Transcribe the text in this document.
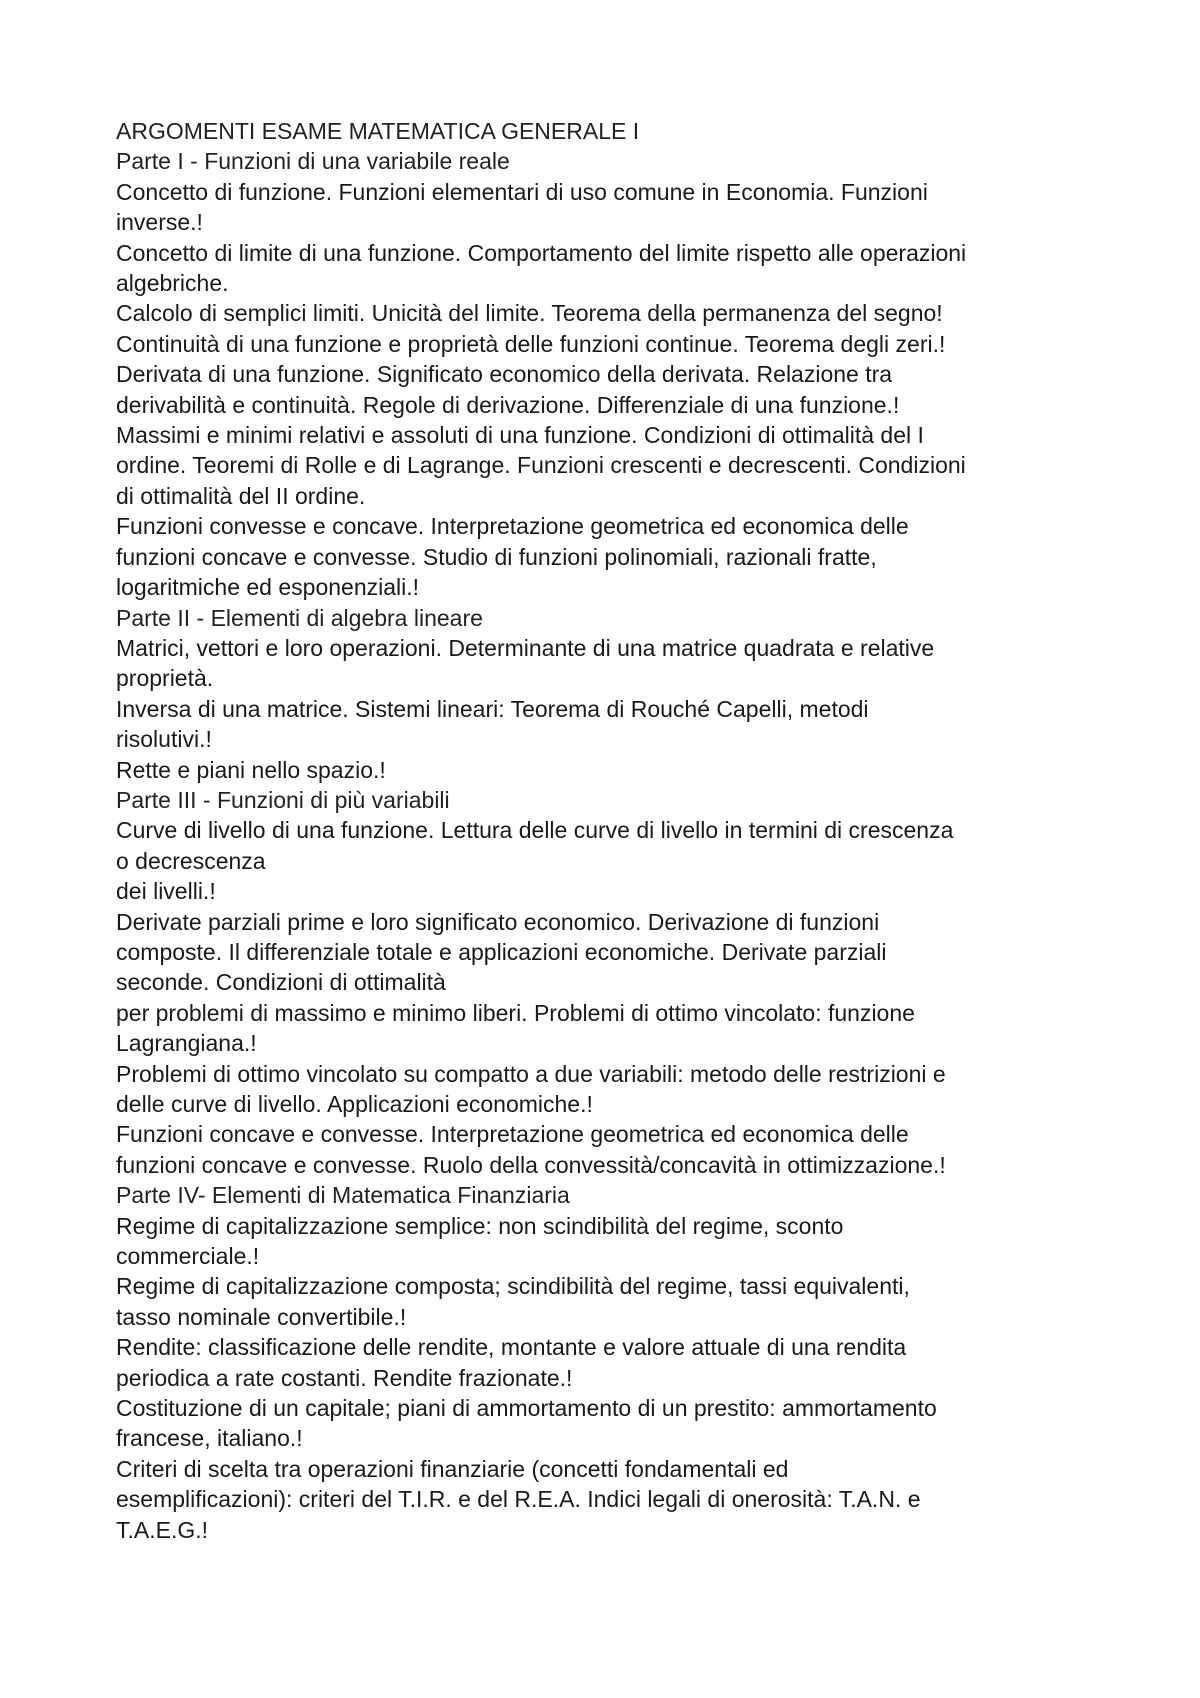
ARGOMENTI ESAME MATEMATICA GENERALE I
Parte I - Funzioni di una variabile reale
Concetto di funzione. Funzioni elementari di uso comune in Economia. Funzioni
inverse.!
Concetto di limite di una funzione. Comportamento del limite rispetto alle operazioni
algebriche.
Calcolo di semplici limiti. Unicità del limite. Teorema della permanenza del segno!
Continuità di una funzione e proprietà delle funzioni continue. Teorema degli zeri.!
Derivata di una funzione. Significato economico della derivata. Relazione tra
derivabilità e continuità. Regole di derivazione. Differenziale di una funzione.!
Massimi e minimi relativi e assoluti di una funzione. Condizioni di ottimalità del I
ordine. Teoremi di Rolle e di Lagrange. Funzioni crescenti e decrescenti. Condizioni
di ottimalità del II ordine.
Funzioni convesse e concave. Interpretazione geometrica ed economica delle
funzioni concave e convesse. Studio di funzioni polinomiali, razionali fratte,
logaritmiche ed esponenziali.!
Parte II - Elementi di algebra lineare
Matrici, vettori e loro operazioni. Determinante di una matrice quadrata e relative
proprietà.
Inversa di una matrice. Sistemi lineari: Teorema di Rouché Capelli, metodi
risolutivi.!
Rette e piani nello spazio.!
Parte III - Funzioni di più variabili
Curve di livello di una funzione. Lettura delle curve di livello in termini di crescenza
o decrescenza
dei livelli.!
Derivate parziali prime e loro significato economico. Derivazione di funzioni
composte. Il differenziale totale e applicazioni economiche. Derivate parziali
seconde. Condizioni di ottimalità
per problemi di massimo e minimo liberi. Problemi di ottimo vincolato: funzione
Lagrangiana.!
Problemi di ottimo vincolato su compatto a due variabili: metodo delle restrizioni e
delle curve di livello. Applicazioni economiche.!
Funzioni concave e convesse. Interpretazione geometrica ed economica delle
funzioni concave e convesse. Ruolo della convessità/concavità in ottimizzazione.!
Parte IV- Elementi di Matematica Finanziaria
Regime di capitalizzazione semplice: non scindibilità del regime, sconto
commerciale.!
Regime di capitalizzazione composta; scindibilità del regime, tassi equivalenti,
tasso nominale convertibile.!
Rendite: classificazione delle rendite, montante e valore attuale di una rendita
periodica a rate costanti. Rendite frazionate.!
Costituzione di un capitale; piani di ammortamento di un prestito: ammortamento
francese, italiano.!
Criteri di scelta tra operazioni finanziarie (concetti fondamentali ed
esemplificazioni): criteri del T.I.R. e del R.E.A. Indici legali di onerosità: T.A.N. e
T.A.E.G.!
